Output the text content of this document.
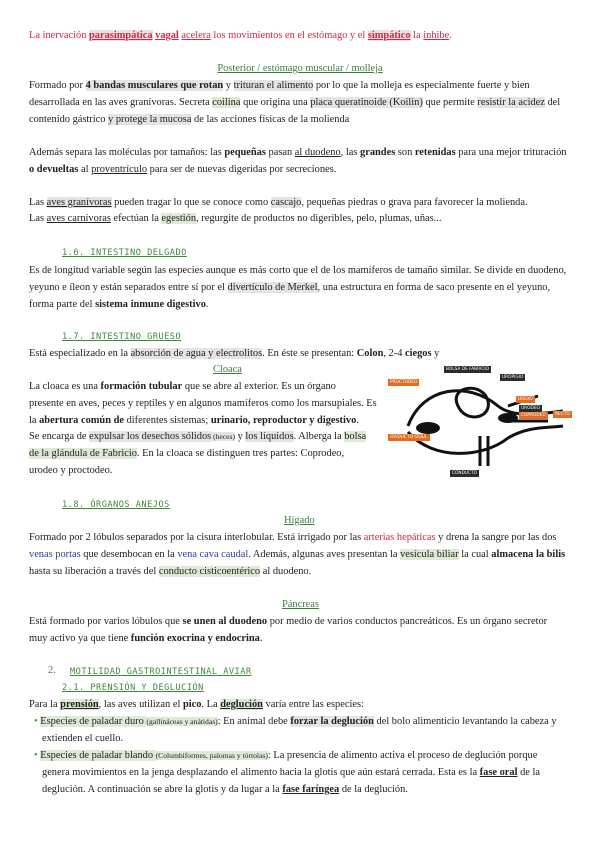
La inervación parasimpática vagal acelera los movimientos en el estómago y el simpático la inhibe.
Posterior / estómago muscular / molleja
Formado por 4 bandas musculares que rotan y trituran el alimento por lo que la molleja es especialmente fuerte y bien
desarrollada en las aves granívoras. Secreta coilina que origina una placa queratinoide (Koilin) que permite resistir la acidez del
contenido gástrico y protege la mucosa de las acciones físicas de la molienda
Además separa las moléculas por tamaños: las pequeñas pasan al duodeno, las grandes son retenidas para una mejor trituración
o devueltas al proventrículo para ser de nuevas digeridas por secreciones.
Las aves granívoras pueden tragar lo que se conoce como cascajo, pequeñas piedras o grava para favorecer la molienda.
Las aves carnívoras efectúan la egestión, regurgite de productos no digeribles, pelo, plumas, uñas...
1.6. INTESTINO DELGADO
Es de longitud variable según las especies aunque es más corto que el de los mamíferos de tamaño similar. Se divide en duodeno,
yeyuno e íleon y están separados entre sí por el divertículo de Merkel, una estructura en forma de saco presente en el yeyuno,
forma parte del sistema inmune digestivo.
1.7. INTESTINO GRUESO
Está especializado en la absorción de agua y electrolitos. En éste se presentan: Colon, 2-4 ciegos y
Cloaca
La cloaca es una formación tubular que se abre al exterior. Es un órgano
presente en aves, peces y reptiles y en algunos mamíferos como los marsupiales. Es
la abertura común de diferentes sistemas; urinario, reproductor y digestivo.
Se encarga de expulsar los desechos sólidos (heces) y los líquidos. Alberga la bolsa
de la glándula de Fabricio. En la cloaca se distinguen tres partes: Coprodeo,
urodeo y proctodeo.
PROCTODEO
BOLSA DE FABRICIO
UROPIGIO
UREXO
URODEO
COPRODEO	RECTO
OVIDUCTO IZQUI.
CONDUCTO
1.8. ÓRGANOS ANEJOS
Hígado
Formado por 2 lóbulos separados por la cisura interlobular. Está irrigado por las arterias hepáticas y drena la sangre por las dos
venas portas que desembocan en la vena cava caudal. Además, algunas aves presentan la vesícula biliar la cual almacena la bilis
hasta su liberación a través del conducto cisticoentérico al duodeno.
Páncreas
Está formado por varios lóbulos que se unen al duodeno por medio de varios conductos pancreáticos. Es un órgano secretor
muy activo ya que tiene función exocrina y endocrina.
2. MOTILIDAD GASTROINTESTINAL AVIAR
2.1. PRENSIÓN Y DEGLUCIÓN
Para la prensión, las aves utilizan el pico. La deglución varía entre las especies:
• Especies de paladar duro (gallináceas y anátidas): En animal debe forzar la deglución del bolo alimenticio levantando la cabeza y
extienden el cuello.
• Especies de paladar blando (Columbiformes, palomas y tórtolas): La presencia de alimento activa el proceso de deglución porque
genera movimientos en la jenga desplazando el alimento hacia la glotis que aún estará cerrada. Esta es la fase oral de la
deglución. A continuación se abre la glotis y da lugar a la fase faríngea de la deglución.
